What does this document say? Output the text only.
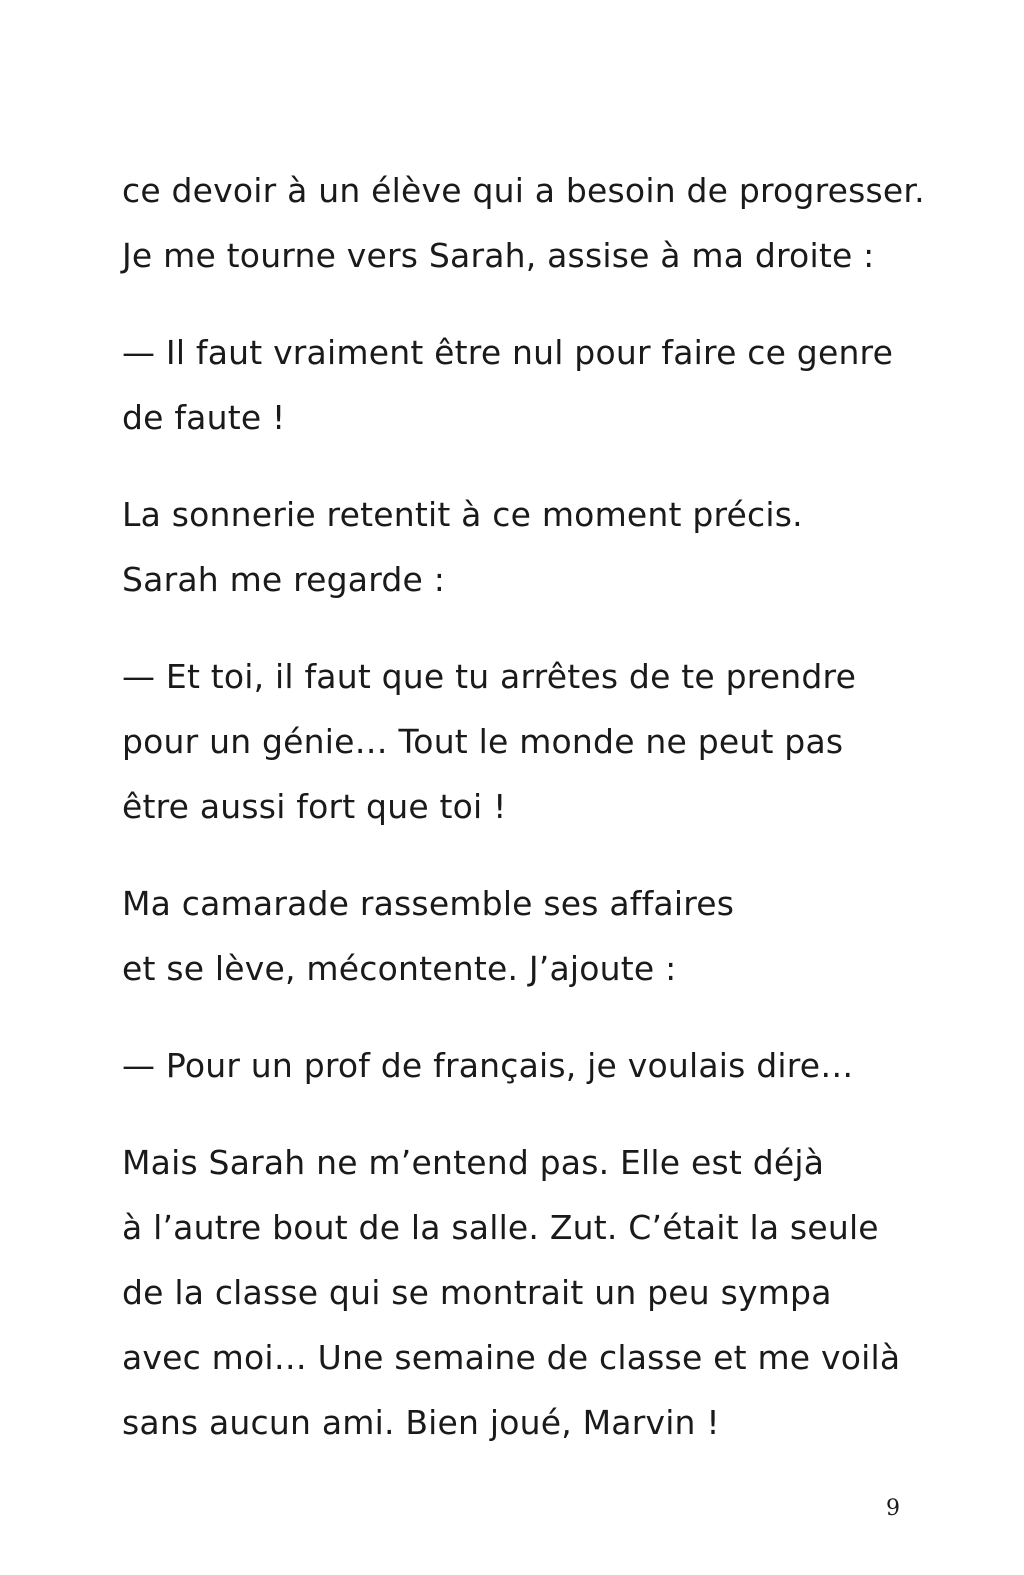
ce devoir à un élève qui a besoin de progresser.
Je me tourne vers Sarah, assise à ma droite :
— Il faut vraiment être nul pour faire ce genre
de faute !
La sonnerie retentit à ce moment précis.
Sarah me regarde :
— Et toi, il faut que tu arrêtes de te prendre
pour un génie… Tout le monde ne peut pas
être aussi fort que toi !
Ma camarade rassemble ses affaires
et se lève, mécontente. J’ajoute :
— Pour un prof de français, je voulais dire…
Mais Sarah ne m’entend pas. Elle est déjà
à l’autre bout de la salle. Zut. C’était la seule
de la classe qui se montrait un peu sympa
avec moi… Une semaine de classe et me voilà
sans aucun ami. Bien joué, Marvin !
9
